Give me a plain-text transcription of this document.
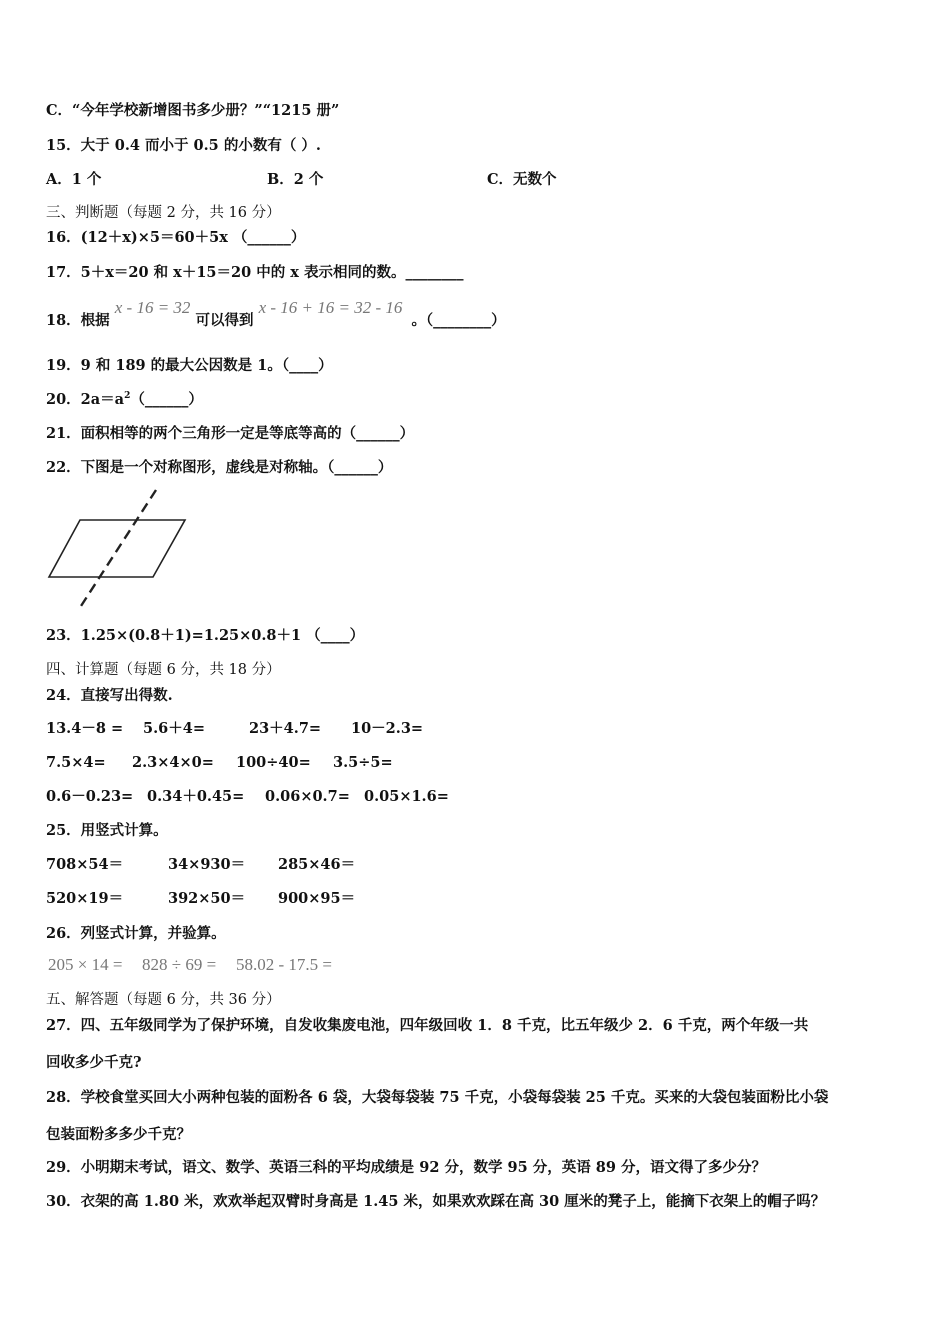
C．“今年学校新增图书多少册？”“1215 册”
15．大于 0.4 而小于 0.5 的小数有（ ）.
A．1 个	B．2 个	C．无数个
三、判断题（每题 2 分，共 16 分）
16．(12＋x)×5＝60＋5x （______）
17．5＋x＝20 和 x＋15＝20 中的 x 表示相同的数。________
18．根据 x - 16 = 32 可以得到 x - 16 + 16 = 32 - 16 。（________）
19．9 和 189 的最大公因数是 1。（____）
20．$2a=a^2(\_\_\_\_\_\_)$
21．面积相等的两个三角形一定是等底等高的（______）
22．下图是一个对称图形，虚线是对称轴。（______）
23．1.25×(0.8＋1)=1.25×0.8＋1 （____）
四、计算题（每题 6 分，共 18 分）
24．直接写出得数.
13.4－8 = 5.6＋4=	23＋4.7= 10－2.3=
7.5×4= 2.3×4×0= 100÷40= 3.5÷5=
0.6－0.23= 0.34＋0.45= 0.06×0.7= 0.05×1.6=
25．用竖式计算。
708×54＝	34×930＝ 285×46＝
520×19＝	392×50＝ 900×95＝
26．列竖式计算，并验算。
205 × 14 = 828 ÷ 69 = 58.02 - 17.5 =
五、解答题（每题 6 分，共 36 分）
27．四、五年级同学为了保护环境，自发收集废电池，四年级回收 1．8 千克，比五年级少 2．6 千克，两个年级一共
回收多少千克?
28．学校食堂买回大小两种包装的面粉各 6 袋，大袋每袋装 75 千克，小袋每袋装 25 千克。买来的大袋包装面粉比小袋
包装面粉多多少千克？
29．小明期末考试，语文、数学、英语三科的平均成绩是 92 分，数学 95 分，英语 89 分，语文得了多少分？
30．衣架的高 1.80 米，欢欢举起双臂时身高是 1.45 米，如果欢欢踩在高 30 厘米的凳子上，能摘下衣架上的帽子吗？
